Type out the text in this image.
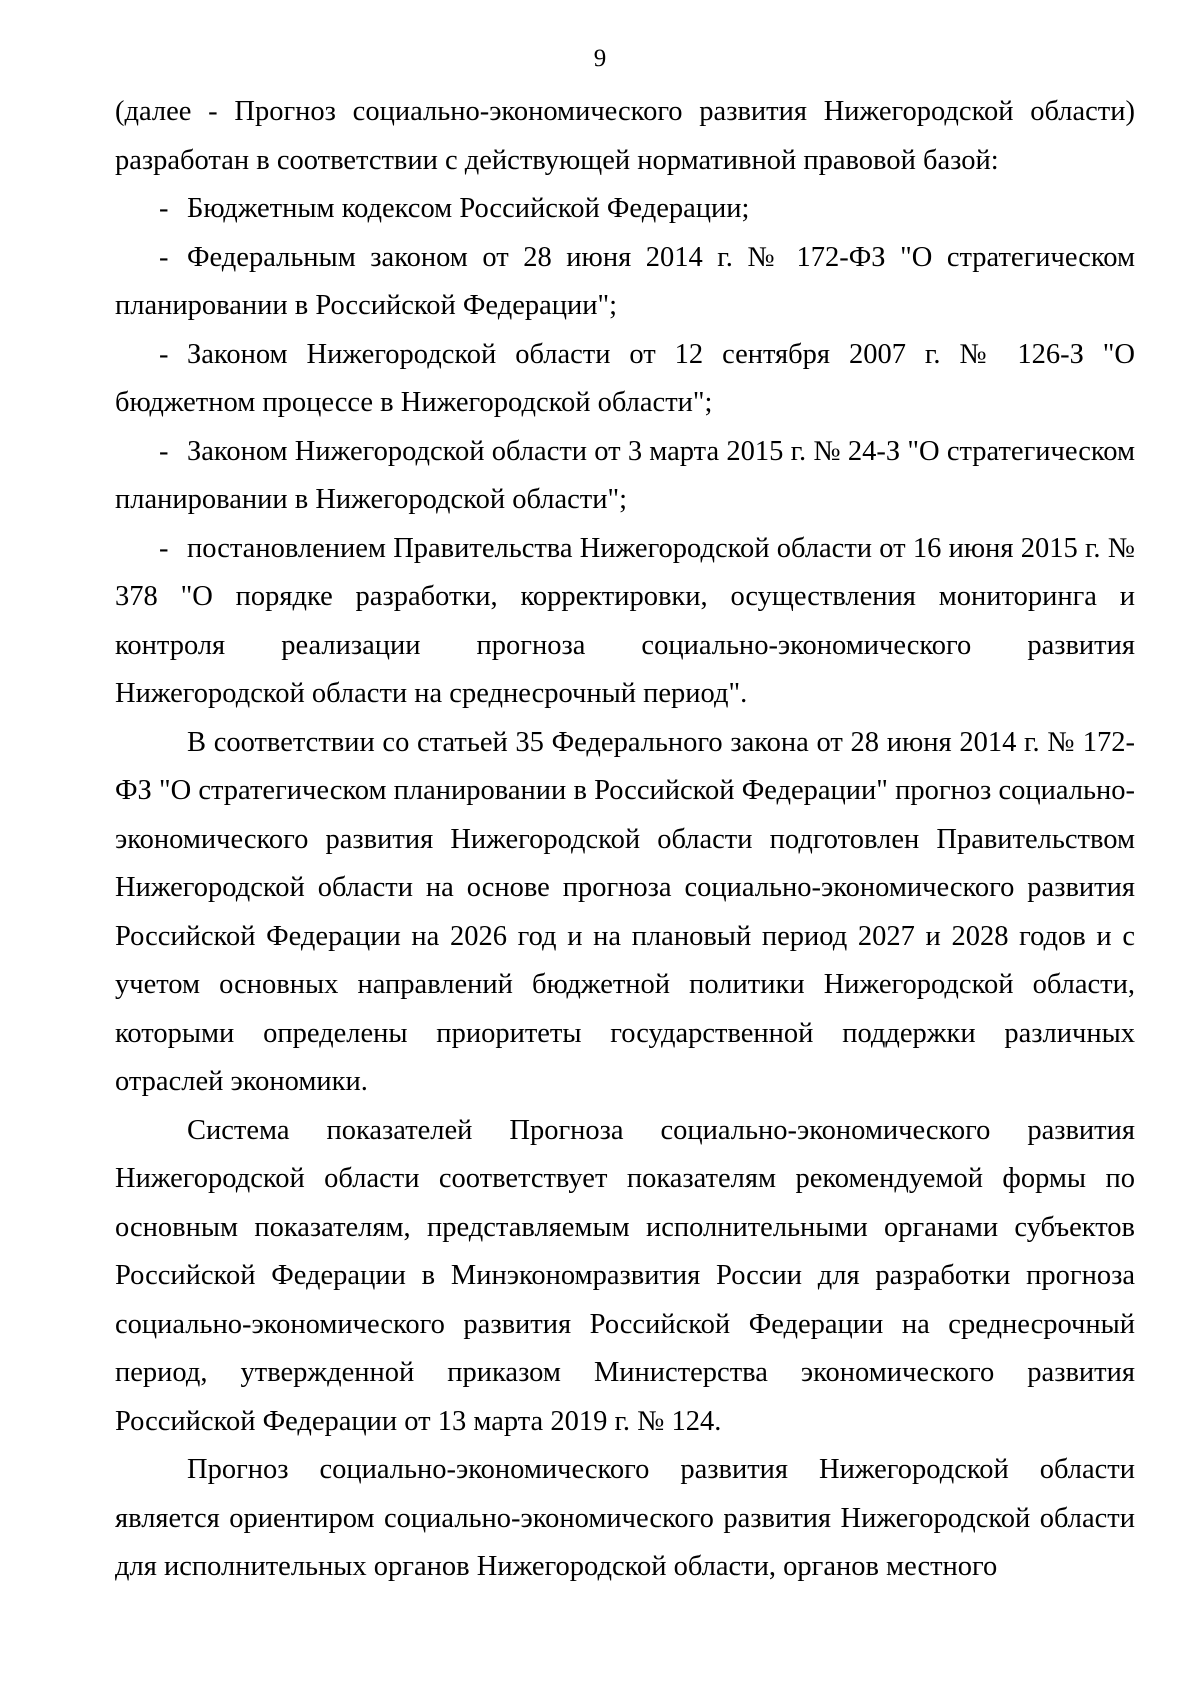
9

(далее - Прогноз социально-экономического развития Нижегородской области) разработан в соответствии с действующей нормативной правовой базой:

- Бюджетным кодексом Российской Федерации;

- Федеральным законом от 28 июня 2014 г. № 172-ФЗ "О стратегическом планировании в Российской Федерации";

- Законом Нижегородской области от 12 сентября 2007 г. № 126-З "О бюджетном процессе в Нижегородской области";

- Законом Нижегородской области от 3 марта 2015 г. № 24-З "О стратегическом планировании в Нижегородской области";

- постановлением Правительства Нижегородской области от 16 июня 2015 г. № 378 "О порядке разработки, корректировки, осуществления мониторинга и контроля реализации прогноза социально-экономического развития Нижегородской области на среднесрочный период".

В соответствии со статьей 35 Федерального закона от 28 июня 2014 г. № 172-ФЗ "О стратегическом планировании в Российской Федерации" прогноз социально-экономического развития Нижегородской области подготовлен Правительством Нижегородской области на основе прогноза социально-экономического развития Российской Федерации на 2026 год и на плановый период 2027 и 2028 годов и с учетом основных направлений бюджетной политики Нижегородской области, которыми определены приоритеты государственной поддержки различных отраслей экономики.

Система показателей Прогноза социально-экономического развития Нижегородской области соответствует показателям рекомендуемой формы по основным показателям, представляемым исполнительными органами субъектов Российской Федерации в Минэкономразвития России для разработки прогноза социально-экономического развития Российской Федерации на среднесрочный период, утвержденной приказом Министерства экономического развития Российской Федерации от 13 марта 2019 г. № 124.

Прогноз социально-экономического развития Нижегородской области является ориентиром социально-экономического развития Нижегородской области для исполнительных органов Нижегородской области, органов местного
